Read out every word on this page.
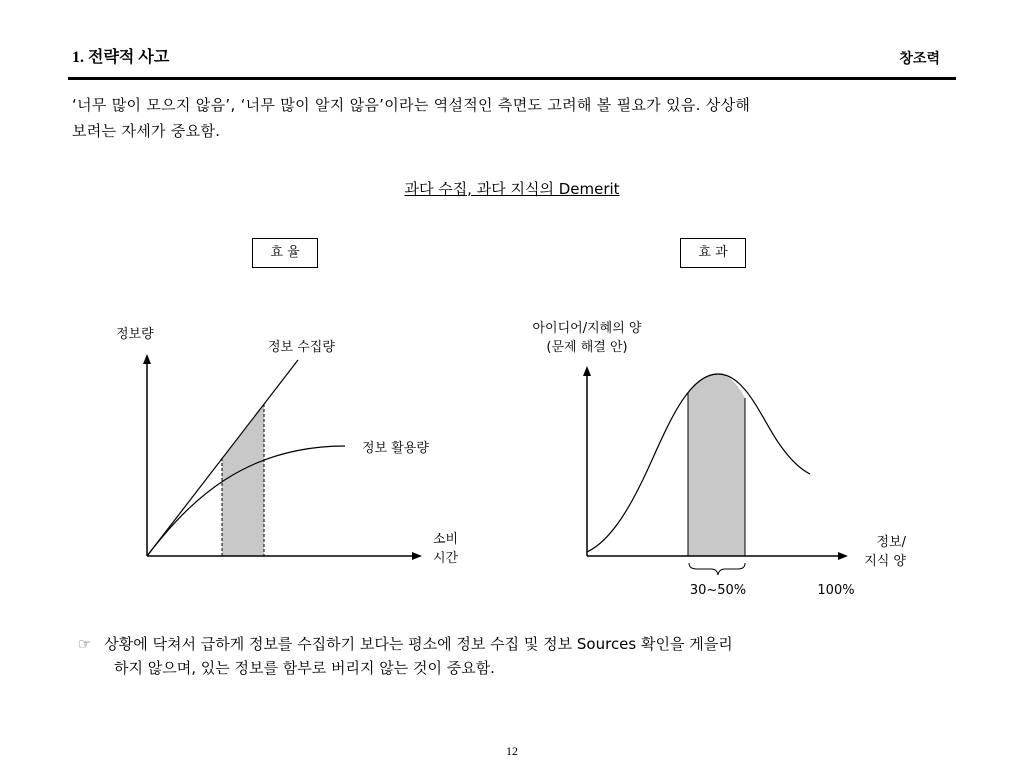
1. 전략적 사고	창조력
‘너무 많이 모으지 않음’, ‘너무 많이 알지 않음’이라는 역설적인 측면도 고려해 볼 필요가 있음. 상상해
보려는 자세가 중요함.
과다 수집, 과다 지식의 Demerit
효 율	효 과
정보량
정보 수집량
정보 활용량
소비
시간
아이디어/지혜의 양
(문제 해결 안)
정보/
지식 양
30~50%	100%
☞ 상황에 닥쳐서 급하게 정보를 수집하기 보다는 평소에 정보 수집 및 정보 Sources 확인을 게을리
하지 않으며, 있는 정보를 함부로 버리지 않는 것이 중요함.
12
